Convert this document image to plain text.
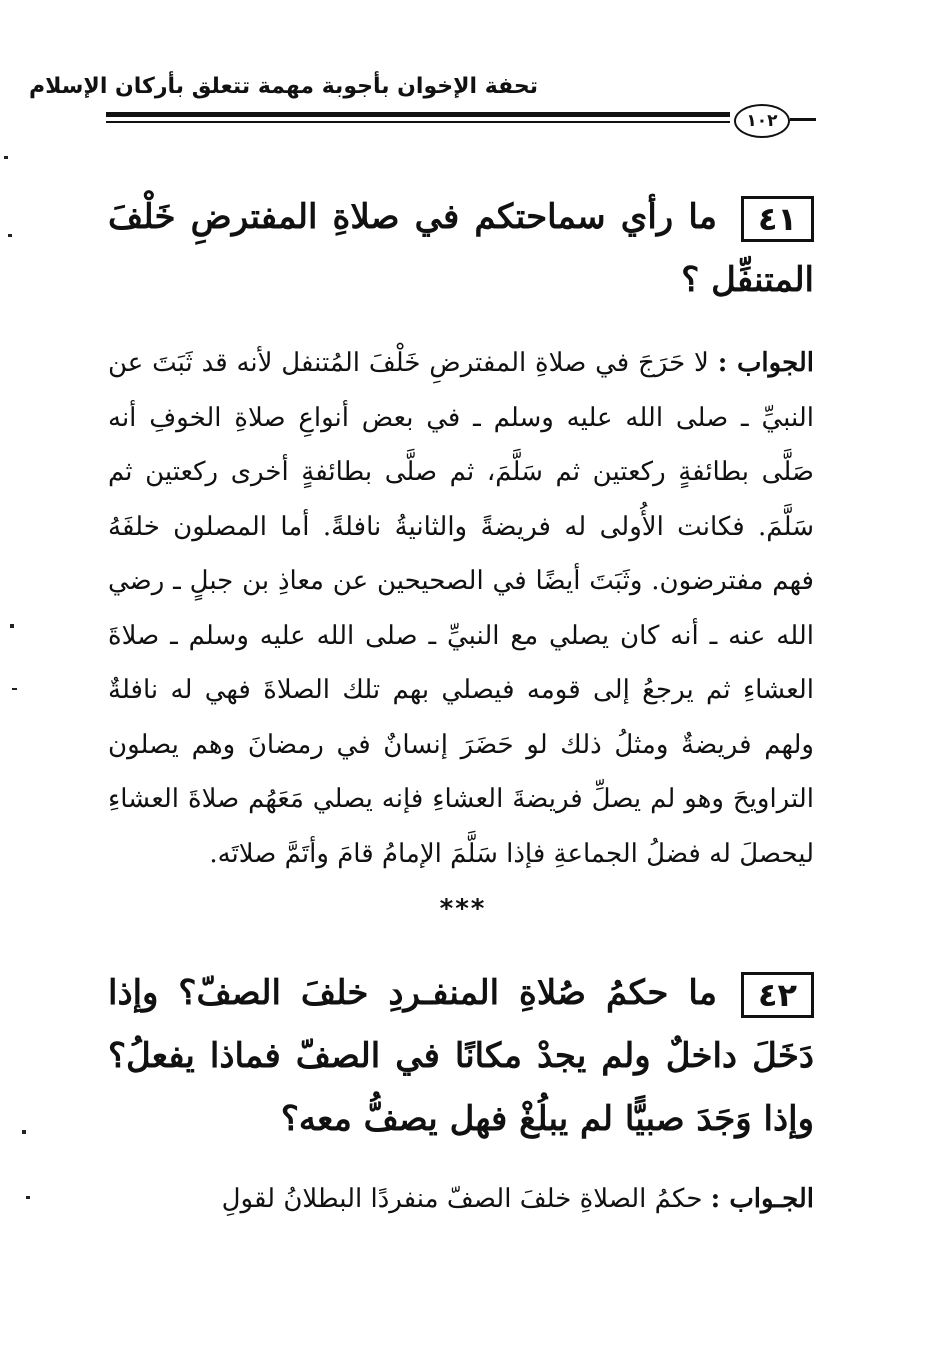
تحفة الإخوان بأجوبة مهمة تتعلق بأركان الإسلام
١٠٢
٤١ما رأي سماحتكم في صلاةِ المفترضِ خَلْفَ المتنفِّل ؟
الجواب : لا حَرَجَ في صلاةِ المفترضِ خَلْفَ المُتنفل لأنه قد ثَبَتَ عن النبيِّ ـ صلى الله عليه وسلم ـ في بعض أنواعِ صلاةِ الخوفِ أنه صَلَّى بطائفةٍ ركعتين ثم سَلَّمَ، ثم صلَّى بطائفةٍ أخرى ركعتين ثم سَلَّمَ. فكانت الأُولى له فريضةً والثانيةُ نافلةً. أما المصلون خلفَهُ فهم مفترضون. وثَبَتَ أيضًا في الصحيحين عن معاذِ بن جبلٍ ـ رضي الله عنه ـ أنه كان يصلي مع النبيِّ ـ صلى الله عليه وسلم ـ صلاةَ العشاءِ ثم يرجعُ إلى قومه فيصلي بهم تلك الصلاةَ فهي له نافلةٌ ولهم فريضةٌ ومثلُ ذلك لو حَضَرَ إنسانٌ في رمضانَ وهم يصلون التراويحَ وهو لم يصلِّ فريضةَ العشاءِ فإنه يصلي مَعَهُم صلاةَ العشاءِ ليحصلَ له فضلُ الجماعةِ فإذا سَلَّمَ الإمامُ قامَ وأتَمَّ صلاتَه.
***
٤٢ما حكمُ صُلاةِ المنفـردِ خلفَ الصفّ؟ وإذا دَخَلَ داخلٌ ولم يجدْ مكانًا في الصفّ فماذا يفعلُ؟ وإذا وَجَدَ صبيًّا لم يبلُغْ فهل يصفُّ معه؟
الجـواب : حكمُ الصلاةِ خلفَ الصفّ منفردًا البطلانُ لقولِ
